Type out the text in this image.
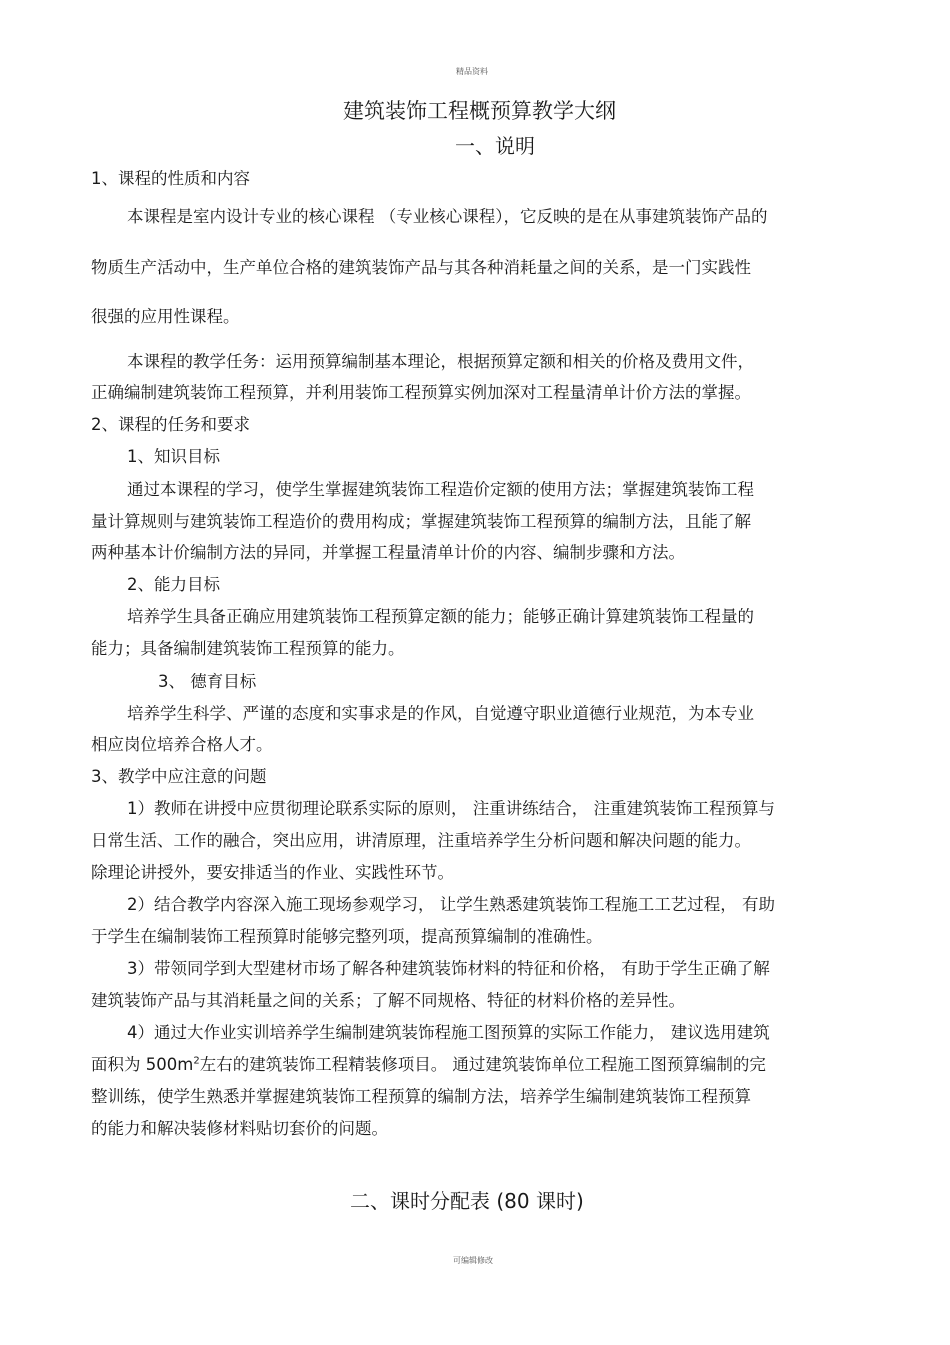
精品资料
建筑装饰工程概预算教学大纲
一、说明
1、课程的性质和内容
本课程是室内设计专业的核心课程 （专业核心课程），它反映的是在从事建筑装饰产品的
物质生产活动中，生产单位合格的建筑装饰产品与其各种消耗量之间的关系，是一门实践性
很强的应用性课程。
本课程的教学任务：运用预算编制基本理论，根据预算定额和相关的价格及费用文件，
正确编制建筑装饰工程预算，并利用装饰工程预算实例加深对工程量清单计价方法的掌握。
2、课程的任务和要求
1、知识目标
通过本课程的学习，使学生掌握建筑装饰工程造价定额的使用方法；掌握建筑装饰工程
量计算规则与建筑装饰工程造价的费用构成；掌握建筑装饰工程预算的编制方法，且能了解
两种基本计价编制方法的异同，并掌握工程量清单计价的内容、编制步骤和方法。
2、能力目标
培养学生具备正确应用建筑装饰工程预算定额的能力；能够正确计算建筑装饰工程量的
能力；具备编制建筑装饰工程预算的能力。
3、 德育目标
培养学生科学、严谨的态度和实事求是的作风，自觉遵守职业道德行业规范，为本专业
相应岗位培养合格人才。
3、教学中应注意的问题
1）教师在讲授中应贯彻理论联系实际的原则， 注重讲练结合， 注重建筑装饰工程预算与
日常生活、工作的融合，突出应用，讲清原理，注重培养学生分析问题和解决问题的能力。
除理论讲授外，要安排适当的作业、实践性环节。
2）结合教学内容深入施工现场参观学习， 让学生熟悉建筑装饰工程施工工艺过程， 有助
于学生在编制装饰工程预算时能够完整列项，提高预算编制的准确性。
3）带领同学到大型建材市场了解各种建筑装饰材料的特征和价格， 有助于学生正确了解
建筑装饰产品与其消耗量之间的关系；了解不同规格、特征的材料价格的差异性。
4）通过大作业实训培养学生编制建筑装饰程施工图预算的实际工作能力， 建议选用建筑
面积为 $500m^2$左右的建筑装饰工程精装修项目。 通过建筑装饰单位工程施工图预算编制的完
整训练，使学生熟悉并掌握建筑装饰工程预算的编制方法，培养学生编制建筑装饰工程预算
的能力和解决装修材料贴切套价的问题。
二、课时分配表 (80 课时)
可编辑修改
